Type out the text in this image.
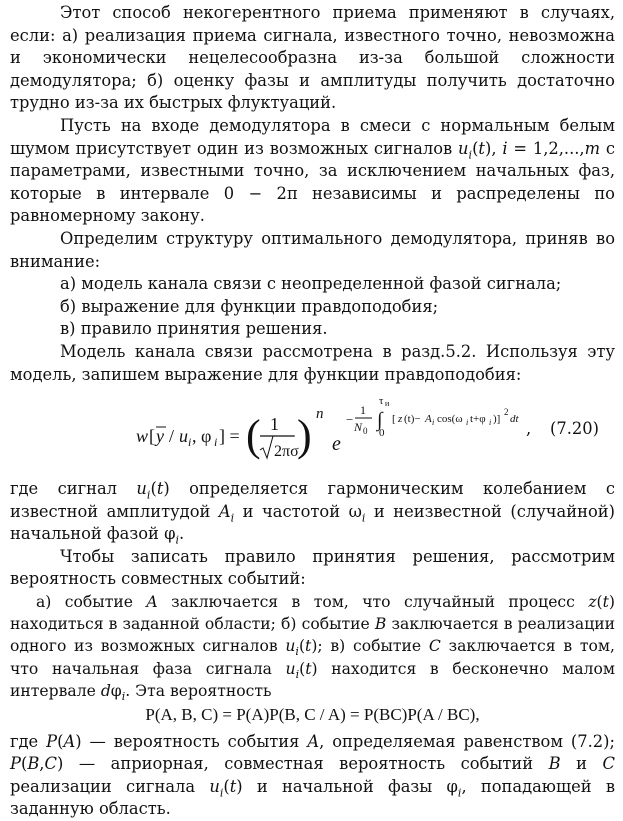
Этот способ некогерентного приема применяют в случаях, если: а) реализация приема сигнала, известного точно, невозможна и экономически нецелесообразна из-за большой сложности демодулятора; б) оценку фазы и амплитуды получить достаточно трудно из-за их быстрых флуктуаций.

Пусть на входе демодулятора в смеси с нормальным белым шумом присутствует один из возможных сигналов $u_i(t)$, i = 1,2,...,m с параметрами, известными точно, за исключением начальных фаз, которые в интервале 0 − 2π независимы и распределены по равномерному закону.

Определим структуру оптимального демодулятора, приняв во внимание:

а) модель канала связи с неопределенной фазой сигнала;

б) выражение для функции правдоподобия;

в) правило принятия решения.

Модель канала связи рассмотрена в разд.5.2. Используя эту модель, запишем выражение для функции правдоподобия:

w [ y / u i , φ i ] = ( 1
2πσ
) n
e
−
1
N 0
τ и
∫
0
[ z (t)− A i cos(ω i t+φ i )]
2
dt , (7.20)

где сигнал $u_i(t)$ определяется гармоническим колебанием с известной амплитудой $A_i$ и частотой $\omega_i$ и неизвестной (случайной) начальной фазой $\varphi_i$.

Чтобы записать правило принятия решения, рассмотрим вероятность совместных событий:

а) событие A заключается в том, что случайный процесс z(t) находиться в заданной области; б) событие B заключается в реализации одного из возможных сигналов $u_i(t)$; в) событие C заключается в том, что начальная фаза сигнала $u_i(t)$ находится в бесконечно малом интервале $d\varphi_i$. Эта вероятность

P(A, B, C) = P(A)P(B, C / A) = P(BC)P(A / BC),

где P(A) — вероятность события A, определяемая равенством (7.2); P(B,C) — априорная, совместная вероятность событий B и C реализации сигнала $u_i(t)$ и начальной фазы $\varphi_i$, попадающей в заданную область.
